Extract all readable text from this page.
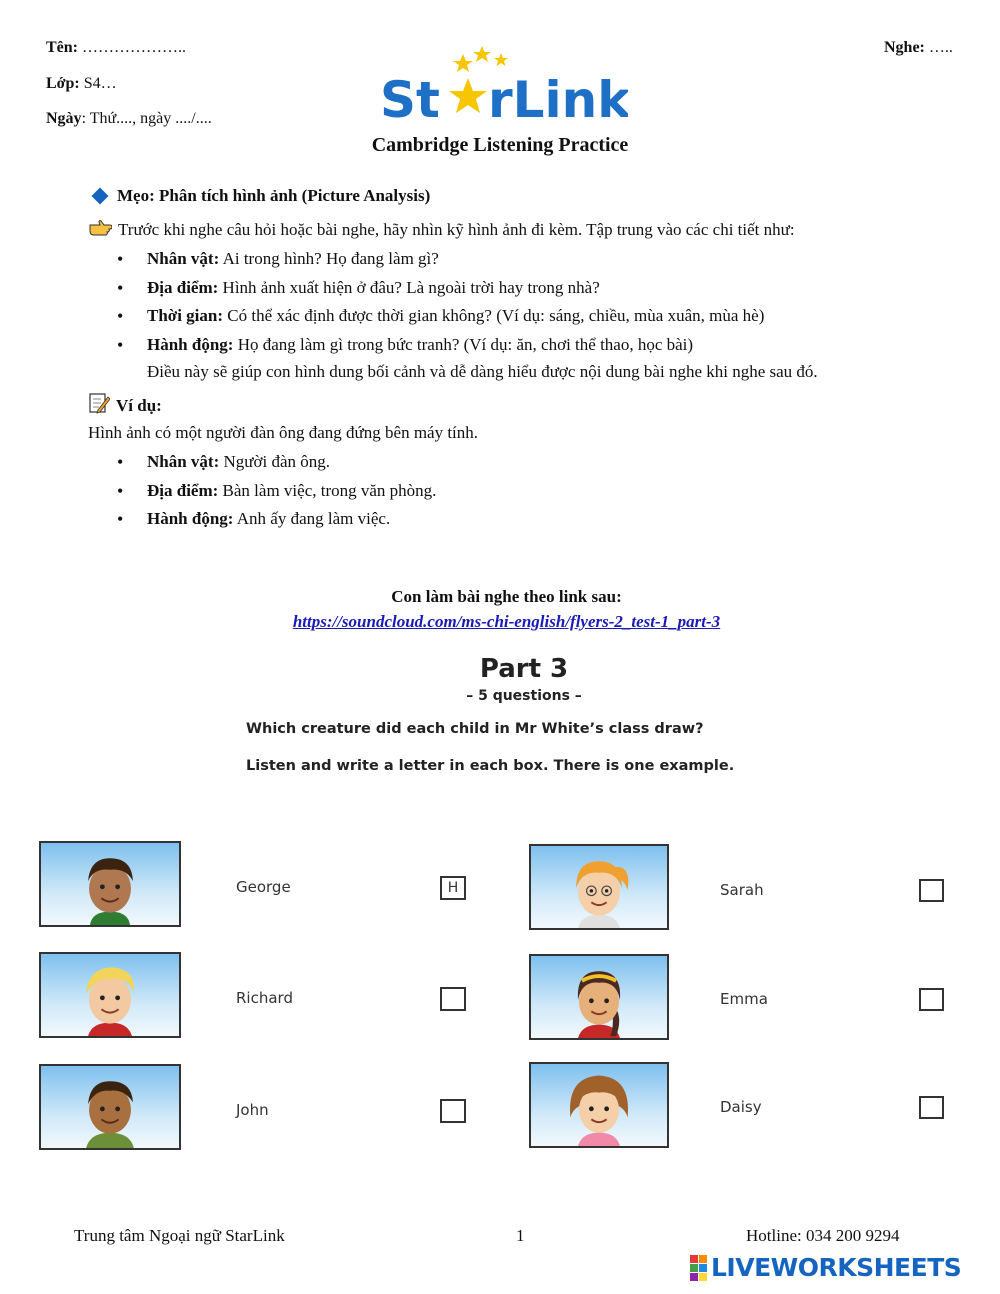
Tên: ………………..
Lớp: S4…
Ngày: Thứ...., ngày ..../....
Nghe: …..
St rLink
Cambridge Listening Practice
Mẹo: Phân tích hình ảnh (Picture Analysis)
Trước khi nghe câu hỏi hoặc bài nghe, hãy nhìn kỹ hình ảnh đi kèm. Tập trung vào các chi tiết như:
• Nhân vật: Ai trong hình? Họ đang làm gì?
• Địa điểm: Hình ảnh xuất hiện ở đâu? Là ngoài trời hay trong nhà?
• Thời gian: Có thể xác định được thời gian không? (Ví dụ: sáng, chiều, mùa xuân, mùa hè)
• Hành động: Họ đang làm gì trong bức tranh? (Ví dụ: ăn, chơi thể thao, học bài)
Điều này sẽ giúp con hình dung bối cảnh và dễ dàng hiểu được nội dung bài nghe khi nghe sau đó.
Ví dụ:
Hình ảnh có một người đàn ông đang đứng bên máy tính.
• Nhân vật: Người đàn ông.
• Địa điểm: Bàn làm việc, trong văn phòng.
• Hành động: Anh ấy đang làm việc.
Con làm bài nghe theo link sau:
https://soundcloud.com/ms-chi-english/flyers-2_test-1_part-3
Part 3
– 5 questions –
Which creature did each child in Mr White’s class draw?
Listen and write a letter in each box. There is one example.
George	H
Richard
John
Sarah
Emma
Daisy
Trung tâm Ngoại ngữ StarLink	1	Hotline: 034 200 9294
LIVEWORKSHEETS
